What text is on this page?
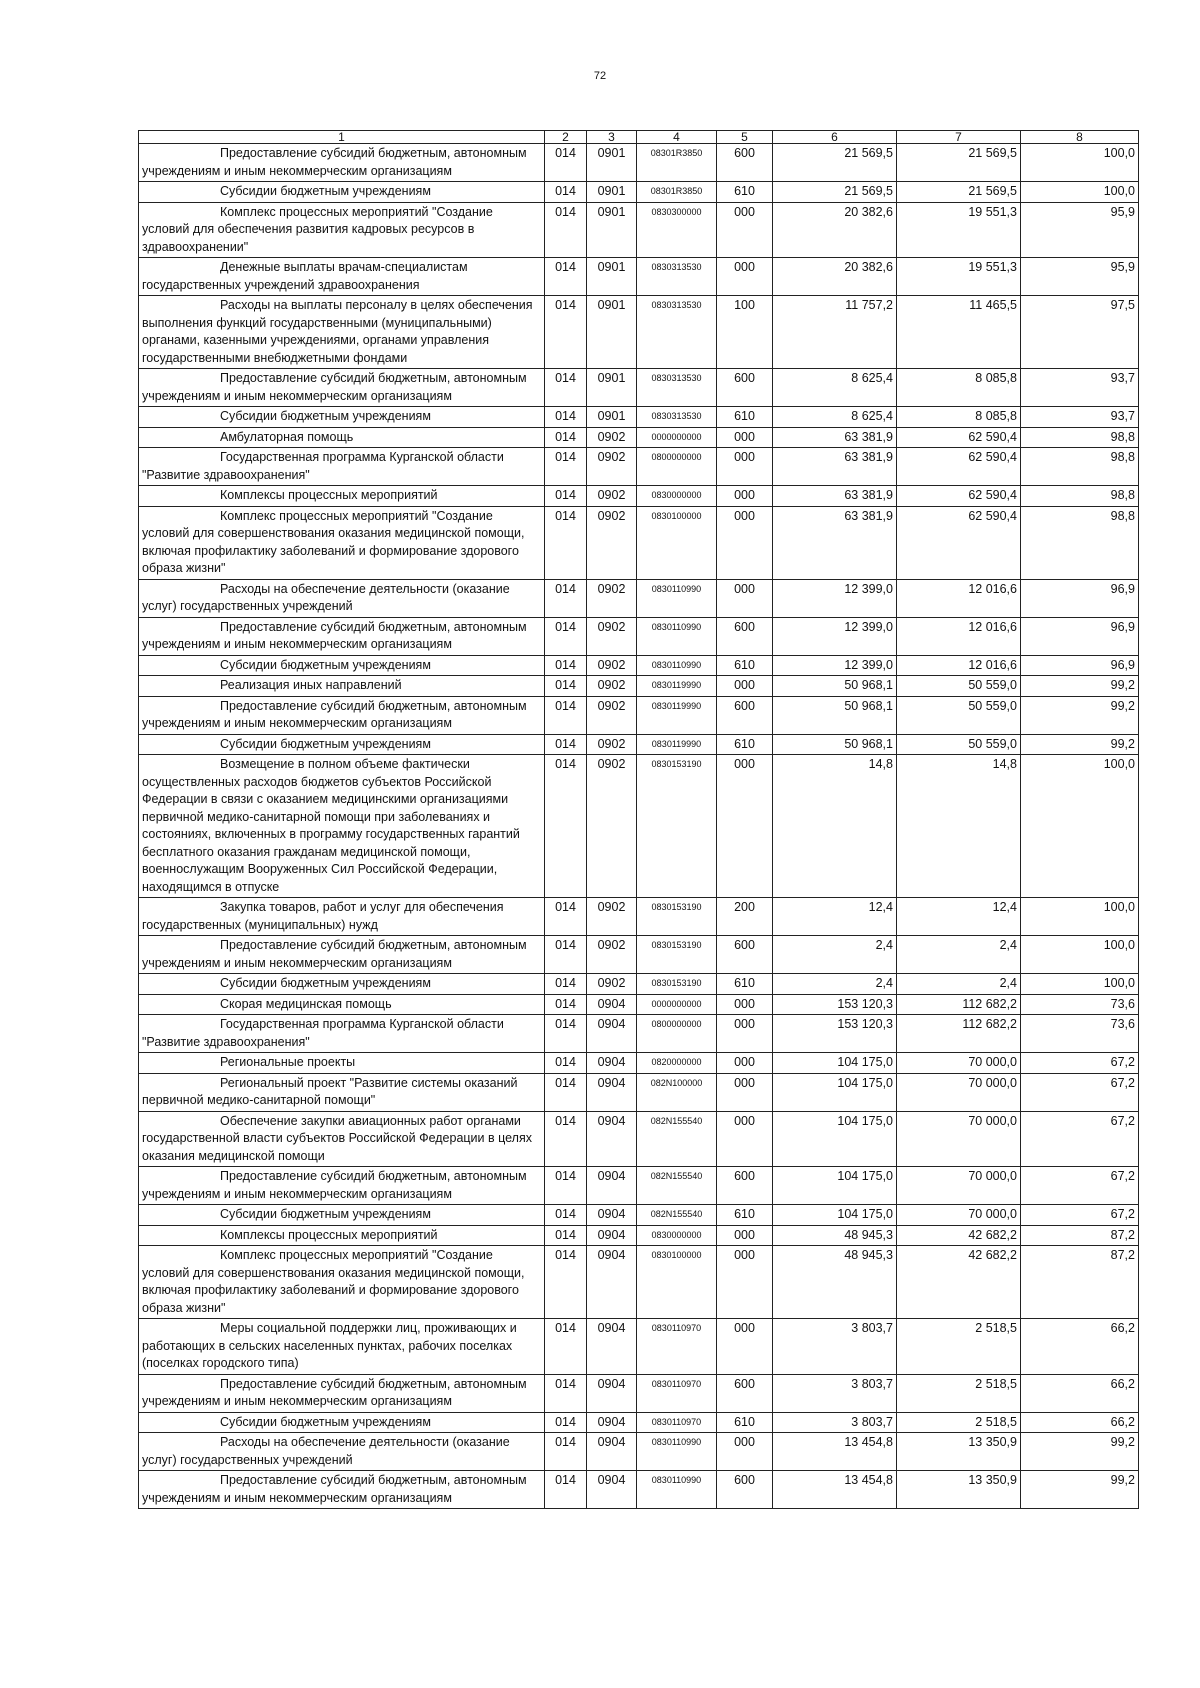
72
1	2	3	4	5	6	7	8
Предоставление субсидий бюджетным, автономным учреждениям и иным некоммерческим организациям	014	0901	08301R3850	600	21 569,5	21 569,5	100,0
Субсидии бюджетным учреждениям	014	0901	08301R3850	610	21 569,5	21 569,5	100,0
Комплекс процессных мероприятий "Создание условий для обеспечения развития кадровых ресурсов в здравоохранении"	014	0901	0830300000	000	20 382,6	19 551,3	95,9
Денежные выплаты врачам-специалистам государственных учреждений здравоохранения	014	0901	0830313530	000	20 382,6	19 551,3	95,9
Расходы на выплаты персоналу в целях обеспечения выполнения функций государственными (муниципальными) органами, казенными учреждениями, органами управления государственными внебюджетными фондами	014	0901	0830313530	100	11 757,2	11 465,5	97,5
Предоставление субсидий бюджетным, автономным учреждениям и иным некоммерческим организациям	014	0901	0830313530	600	8 625,4	8 085,8	93,7
Субсидии бюджетным учреждениям	014	0901	0830313530	610	8 625,4	8 085,8	93,7
Амбулаторная помощь	014	0902	0000000000	000	63 381,9	62 590,4	98,8
Государственная программа Курганской области "Развитие здравоохранения"	014	0902	0800000000	000	63 381,9	62 590,4	98,8
Комплексы процессных мероприятий	014	0902	0830000000	000	63 381,9	62 590,4	98,8
Комплекс процессных мероприятий "Создание условий для совершенствования оказания медицинской помощи, включая профилактику заболеваний и формирование здорового образа жизни"	014	0902	0830100000	000	63 381,9	62 590,4	98,8
Расходы на обеспечение деятельности (оказание услуг) государственных учреждений	014	0902	0830110990	000	12 399,0	12 016,6	96,9
Предоставление субсидий бюджетным, автономным учреждениям и иным некоммерческим организациям	014	0902	0830110990	600	12 399,0	12 016,6	96,9
Субсидии бюджетным учреждениям	014	0902	0830110990	610	12 399,0	12 016,6	96,9
Реализация иных направлений	014	0902	0830119990	000	50 968,1	50 559,0	99,2
Предоставление субсидий бюджетным, автономным учреждениям и иным некоммерческим организациям	014	0902	0830119990	600	50 968,1	50 559,0	99,2
Субсидии бюджетным учреждениям	014	0902	0830119990	610	50 968,1	50 559,0	99,2
Возмещение в полном объеме фактически осуществленных расходов бюджетов субъектов Российской Федерации в связи с оказанием медицинскими организациями первичной медико-санитарной помощи при заболеваниях и состояниях, включенных в программу государственных гарантий бесплатного оказания гражданам медицинской помощи, военнослужащим Вооруженных Сил Российской Федерации, находящимся в отпуске	014	0902	0830153190	000	14,8	14,8	100,0
Закупка товаров, работ и услуг для обеспечения государственных (муниципальных) нужд	014	0902	0830153190	200	12,4	12,4	100,0
Предоставление субсидий бюджетным, автономным учреждениям и иным некоммерческим организациям	014	0902	0830153190	600	2,4	2,4	100,0
Субсидии бюджетным учреждениям	014	0902	0830153190	610	2,4	2,4	100,0
Скорая медицинская помощь	014	0904	0000000000	000	153 120,3	112 682,2	73,6
Государственная программа Курганской области "Развитие здравоохранения"	014	0904	0800000000	000	153 120,3	112 682,2	73,6
Региональные проекты	014	0904	0820000000	000	104 175,0	70 000,0	67,2
Региональный проект "Развитие системы оказаний первичной медико-санитарной помощи"	014	0904	082N100000	000	104 175,0	70 000,0	67,2
Обеспечение закупки авиационных работ органами государственной власти субъектов Российской Федерации в целях оказания медицинской помощи	014	0904	082N155540	000	104 175,0	70 000,0	67,2
Предоставление субсидий бюджетным, автономным учреждениям и иным некоммерческим организациям	014	0904	082N155540	600	104 175,0	70 000,0	67,2
Субсидии бюджетным учреждениям	014	0904	082N155540	610	104 175,0	70 000,0	67,2
Комплексы процессных мероприятий	014	0904	0830000000	000	48 945,3	42 682,2	87,2
Комплекс процессных мероприятий "Создание условий для совершенствования оказания медицинской помощи, включая профилактику заболеваний и формирование здорового образа жизни"	014	0904	0830100000	000	48 945,3	42 682,2	87,2
Меры социальной поддержки лиц, проживающих и работающих в сельских населенных пунктах, рабочих поселках (поселках городского типа)	014	0904	0830110970	000	3 803,7	2 518,5	66,2
Предоставление субсидий бюджетным, автономным учреждениям и иным некоммерческим организациям	014	0904	0830110970	600	3 803,7	2 518,5	66,2
Субсидии бюджетным учреждениям	014	0904	0830110970	610	3 803,7	2 518,5	66,2
Расходы на обеспечение деятельности (оказание услуг) государственных учреждений	014	0904	0830110990	000	13 454,8	13 350,9	99,2
Предоставление субсидий бюджетным, автономным учреждениям и иным некоммерческим организациям	014	0904	0830110990	600	13 454,8	13 350,9	99,2
